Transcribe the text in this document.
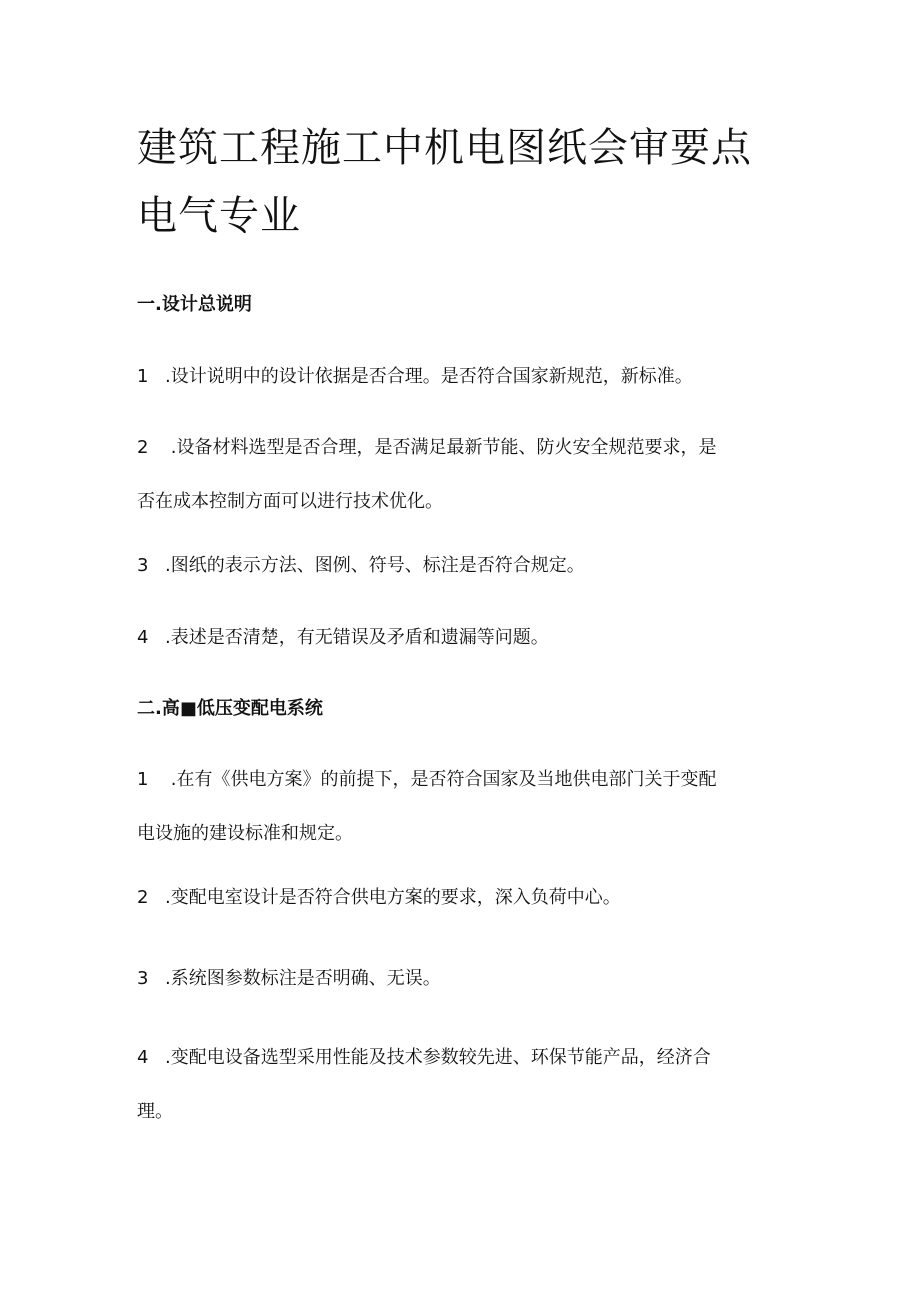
建筑工程施工中机电图纸会审要点
电气专业
一.设计总说明

1 .设计说明中的设计依据是否合理。是否符合国家新规范，新标准。

2 .设备材料选型是否合理，是否满足最新节能、防火安全规范要求，是
否在成本控制方面可以进行技术优化。

3 .图纸的表示方法、图例、符号、标注是否符合规定。

4 .表述是否清楚，有无错误及矛盾和遗漏等问题。

二.高■低压变配电系统

1 .在有《供电方案》的前提下，是否符合国家及当地供电部门关于变配
电设施的建设标准和规定。

2 .变配电室设计是否符合供电方案的要求，深入负荷中心。

3 .系统图参数标注是否明确、无误。

4 .变配电设备选型采用性能及技术参数较先进、环保节能产品，经济合
理。
